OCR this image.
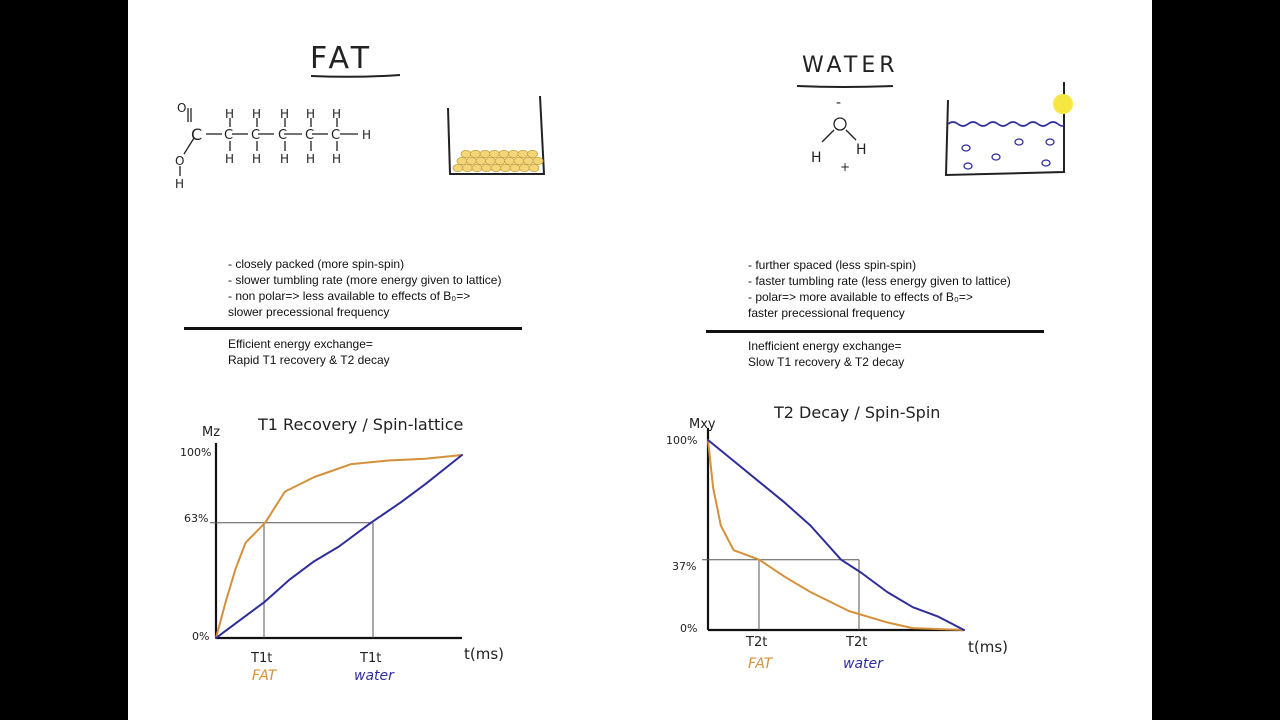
FAT
O
C
H H H H H
C C C C C H
H H H H H
O
H
WATER
-
H H
+
T1 Recovery / Spin-lattice
Mz
t(ms)
100%
63%
0%
T1t
FAT
T1t
water
T2 Decay / Spin-Spin
Mxy
t(ms)
100%
37%
0%
T2t
FAT
T2t
water
- closely packed (more spin-spin)
- slower tumbling rate (more energy given to lattice)
- non polar=> less available to effects of B₀=>
slower precessional frequency
Efficient energy exchange=
Rapid T1 recovery & T2 decay
- further spaced (less spin-spin)
- faster tumbling rate (less energy given to lattice)
- polar=> more available to effects of B₀=>
faster precessional frequency
Inefficient energy exchange=
Slow T1 recovery & T2 decay
